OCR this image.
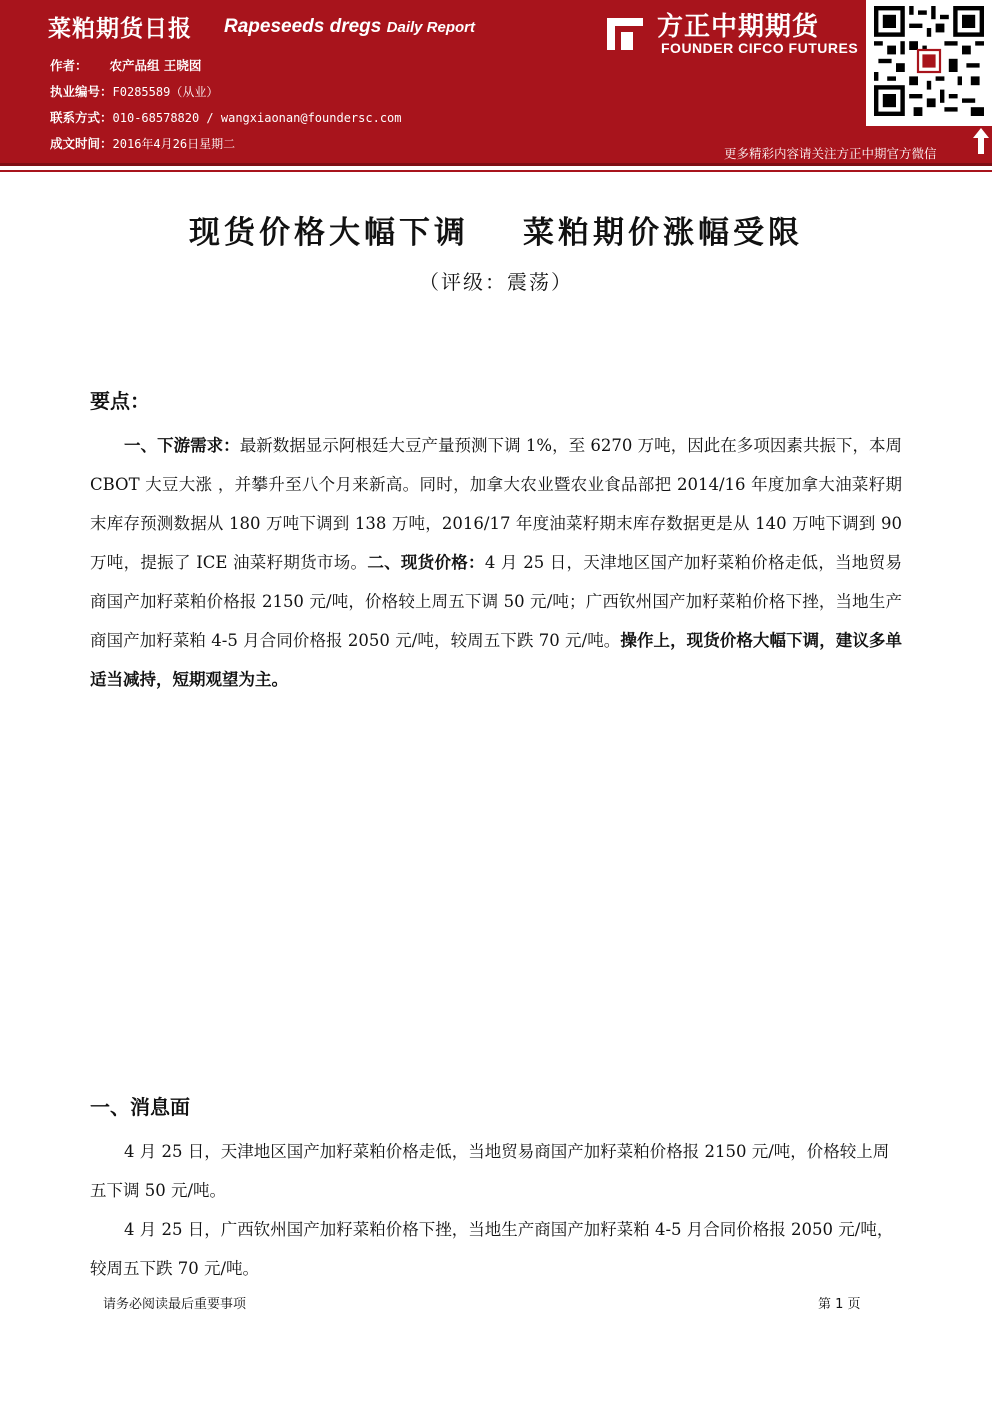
菜粕期货日报 Rapeseeds dregs Daily Report
作者： 农产品组 王晓囡
执业编号：F0285589（从业）
联系方式：010-68578820 / wangxiaonan@foundersc.com
成文时间：2016年4月26日星期二
方正中期期货
FOUNDER CIFCO FUTURES
更多精彩内容请关注方正中期官方微信
现货价格大幅下调 菜粕期价涨幅受限
（评级：震荡）
要点：
一、下游需求：最新数据显示阿根廷大豆产量预测下调 1%，至 6270 万吨，因此在多项因素共振下，本周 CBOT 大豆大涨 ，并攀升至八个月来新高。同时，加拿大农业暨农业食品部把 2014/16 年度加拿大油菜籽期末库存预测数据从 180 万吨下调到 138 万吨，2016/17 年度油菜籽期末库存数据更是从 140 万吨下调到 90 万吨，提振了 ICE 油菜籽期货市场。二、现货价格：4 月 25 日，天津地区国产加籽菜粕价格走低，当地贸易商国产加籽菜粕价格报 2150 元/吨，价格较上周五下调 50 元/吨；广西钦州国产加籽菜粕价格下挫，当地生产商国产加籽菜粕 4-5 月合同价格报 2050 元/吨，较周五下跌 70 元/吨。操作上，现货价格大幅下调，建议多单适当减持，短期观望为主。
一、消息面
4 月 25 日，天津地区国产加籽菜粕价格走低，当地贸易商国产加籽菜粕价格报 2150 元/吨，价格较上周五下调 50 元/吨。
4 月 25 日，广西钦州国产加籽菜粕价格下挫，当地生产商国产加籽菜粕 4-5 月合同价格报 2050 元/吨，较周五下跌 70 元/吨。
请务必阅读最后重要事项	第 1 页
